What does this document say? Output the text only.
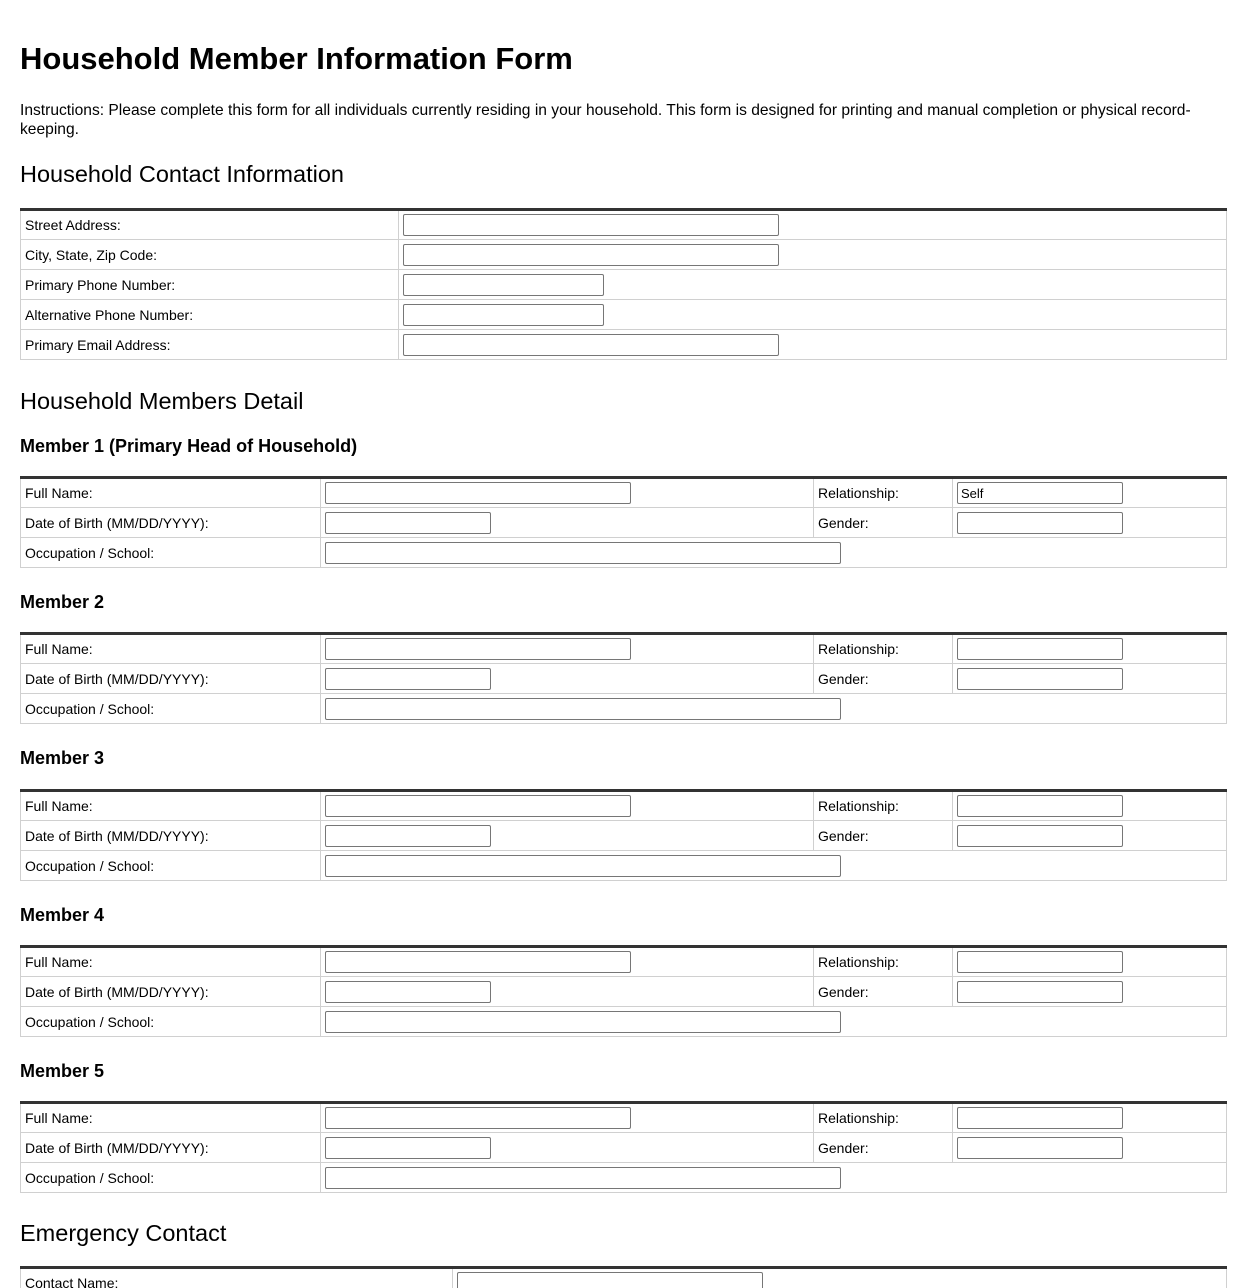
Household Member Information Form

Instructions: Please complete this form for all individuals currently residing in your household. This form is designed for printing and manual completion or physical record-keeping.

Household Contact Information
Street Address:	

City, State, Zip Code:	

Primary Phone Number:	

Alternative Phone Number:	

Primary Email Address:	
Household Members Detail
Member 1 (Primary Head of Household)
Full Name:		Relationship:	
Self
Date of Birth (MM/DD/YYYY):		Gender:	

Occupation / School:	
Member 2
Full Name:		Relationship:	

Date of Birth (MM/DD/YYYY):		Gender:	

Occupation / School:	
Member 3
Full Name:		Relationship:	

Date of Birth (MM/DD/YYYY):		Gender:	

Occupation / School:	
Member 4
Full Name:		Relationship:	

Date of Birth (MM/DD/YYYY):		Gender:	

Occupation / School:	
Member 5
Full Name:		Relationship:	

Date of Birth (MM/DD/YYYY):		Gender:	

Occupation / School:	
Emergency Contact
Contact Name:	
